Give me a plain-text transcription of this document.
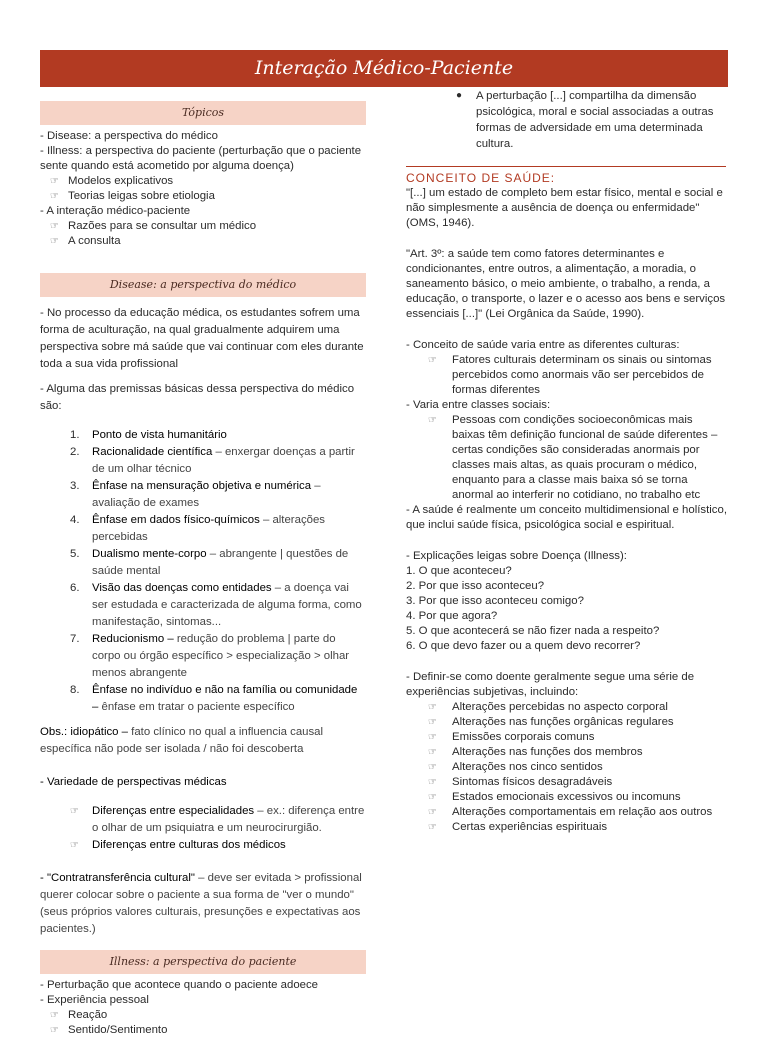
Interação Médico-Paciente
Tópicos
- Disease: a perspectiva do médico
- Illness: a perspectiva do paciente (perturbação que o paciente sente quando está acometido por alguma doença)
☞ Modelos explicativos
☞ Teorias leigas sobre etiologia
- A interação médico-paciente
☞ Razões para se consultar um médico
☞ A consulta
Disease: a perspectiva do médico
- No processo da educação médica, os estudantes sofrem uma forma de aculturação, na qual gradualmente adquirem uma perspectiva sobre má saúde que vai continuar com eles durante toda a sua vida profissional
- Alguma das premissas básicas dessa perspectiva do médico são:
1. Ponto de vista humanitário
2. Racionalidade científica – enxergar doenças a partir de um olhar técnico
3. Ênfase na mensuração objetiva e numérica – avaliação de exames
4. Ênfase em dados físico-químicos – alterações percebidas
5. Dualismo mente-corpo – abrangente | questões de saúde mental
6. Visão das doenças como entidades – a doença vai ser estudada e caracterizada de alguma forma, como manifestação, sintomas...
7. Reducionismo – redução do problema | parte do corpo ou órgão específico > especialização > olhar menos abrangente
8. Ênfase no indivíduo e não na família ou comunidade – ênfase em tratar o paciente específico
Obs.: idiopático – fato clínico no qual a influencia causal específica não pode ser isolada / não foi descoberta
- Variedade de perspectivas médicas
☞ Diferenças entre especialidades – ex.: diferença entre o olhar de um psiquiatra e um neurocirurgião.
☞ Diferenças entre culturas dos médicos
- "Contratransferência cultural" – deve ser evitada > profissional querer colocar sobre o paciente a sua forma de "ver o mundo" (seus próprios valores culturais, presunções e expectativas aos pacientes.)
Illness: a perspectiva do paciente
- Perturbação que acontece quando o paciente adoece
- Experiência pessoal
☞ Reação
☞ Sentido/Sentimento
● A perturbação [...] compartilha da dimensão psicológica, moral e social associadas a outras formas de adversidade em uma determinada cultura.
CONCEITO DE SAÚDE:
"[...] um estado de completo bem estar físico, mental e social e não simplesmente a ausência de doença ou enfermidade" (OMS, 1946).
"Art. 3º: a saúde tem como fatores determinantes e condicionantes, entre outros, a alimentação, a moradia, o saneamento básico, o meio ambiente, o trabalho, a renda, a educação, o transporte, o lazer e o acesso aos bens e serviços essenciais [...]" (Lei Orgânica da Saúde, 1990).
- Conceito de saúde varia entre as diferentes culturas:
☞ Fatores culturais determinam os sinais ou sintomas percebidos como anormais vão ser percebidos de formas diferentes
- Varia entre classes sociais:
☞ Pessoas com condições socioeconômicas mais baixas têm definição funcional de saúde diferentes – certas condições são consideradas anormais por classes mais altas, as quais procuram o médico, enquanto para a classe mais baixa só se torna anormal ao interferir no cotidiano, no trabalho etc
- A saúde é realmente um conceito multidimensional e holístico, que inclui saúde física, psicológica social e espiritual.
- Explicações leigas sobre Doença (Illness):
1. O que aconteceu?
2. Por que isso aconteceu?
3. Por que isso aconteceu comigo?
4. Por que agora?
5. O que acontecerá se não fizer nada a respeito?
6. O que devo fazer ou a quem devo recorrer?
- Definir-se como doente geralmente segue uma série de experiências subjetivas, incluindo:
☞ Alterações percebidas no aspecto corporal
☞ Alterações nas funções orgânicas regulares
☞ Emissões corporais comuns
☞ Alterações nas funções dos membros
☞ Alterações nos cinco sentidos
☞ Sintomas físicos desagradáveis
☞ Estados emocionais excessivos ou incomuns
☞ Alterações comportamentais em relação aos outros
☞ Certas experiências espirituais
